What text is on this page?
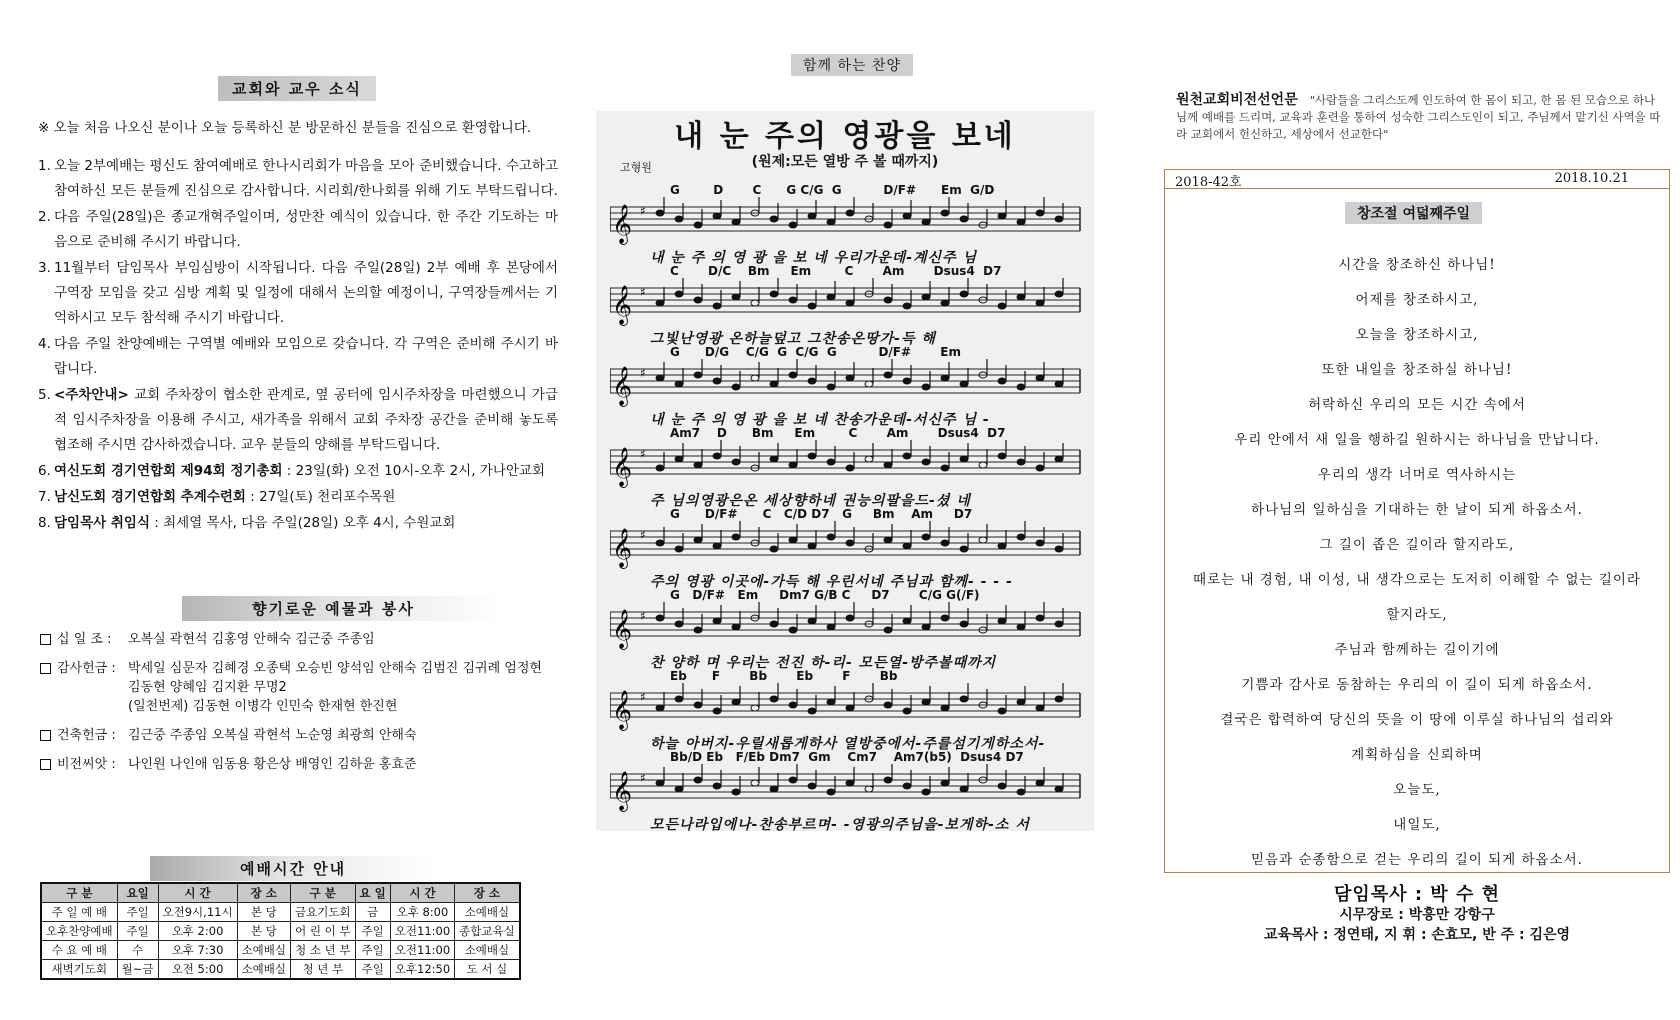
교회와 교우 소식
※ 오늘 처음 나오신 분이나 오늘 등록하신 분 방문하신 분들을 진심으로 환영합니다.
1. 오늘 2부예배는 평신도 참여예배로 한나시리회가 마음을 모아 준비했습니다. 수고하고 참여하신 모든 분들께 진심으로 감사합니다. 시리회/한나회를 위해 기도 부탁드립니다.
2. 다음 주일(28일)은 종교개혁주일이며, 성만찬 예식이 있습니다. 한 주간 기도하는 마음으로 준비해 주시기 바랍니다.
3. 11월부터 담임목사 부임심방이 시작됩니다. 다음 주일(28일) 2부 예배 후 본당에서 구역장 모임을 갖고 심방 계획 및 일정에 대해서 논의할 예정이니, 구역장들께서는 기억하시고 모두 참석해 주시기 바랍니다.
4. 다음 주일 찬양예배는 구역별 예배와 모임으로 갖습니다. 각 구역은 준비해 주시기 바랍니다.
5. <주차안내> 교회 주차장이 협소한 관계로, 옆 공터에 임시주차장을 마련했으니 가급적 임시주차장을 이용해 주시고, 새가족을 위해서 교회 주차장 공간을 준비해 놓도록 협조해 주시면 감사하겠습니다. 교우 분들의 양해를 부탁드립니다.
6. 여신도회 경기연합회 제94회 정기총회 : 23일(화) 오전 10시-오후 2시, 가나안교회
7. 남신도회 경기연합회 추계수련회 : 27일(토) 천리포수목원
8. 담임목사 취임식 : 최세열 목사, 다음 주일(28일) 오후 4시, 수원교회
향기로운 예물과 봉사
십 일 조 :	오복실 곽현석 김홍영 안해숙 김근중 주종임
감사헌금 : 박세일 심문자 김혜경 오종택 오승빈 양석임 안해숙 김범진 김귀례 엄정현
김동현 양혜임 김지환 무명2
(일천번제) 김동현 이병각 인민숙 한재현 한진현
건축헌금 : 김근중 주종임 오복실 곽현석 노순영 최광희 안해숙
비전씨앗 : 나인원 나인애 임동용 황은상 배영인 김하윤 홍효준
예배시간 안내
구 분	요일	시 간	장 소	구 분	요 일	시 간	장 소
주 일 예 배	주일	오전9시,11시	본 당	금요기도회	금	오후 8:00	소예배실
오후찬양예배	주일	오후 2:00	본 당	어 린 이 부	주일	오전11:00	종합교육실
수 요 예 배	수	오후 7:30	소예배실	청 소 년 부	주일	오전11:00	소예배실
새벽기도회	월~금	오전 5:00	소예배실	청 년 부	주일	오후12:50	도 서 실
함께 하는 찬양
내 눈 주의 영광을 보네
(원제:모든 열방 주 볼 때까지)
고형원
𝄞 ♯
G        D       C      G C/G  G          D/F#      Em  G/D
내 눈 주 의 영 광 을 보 네 우리가운데-계신주 님
𝄞 ♯
C       D/C    Bm     Em        C       Am       Dsus4  D7
그빛난영광 온하늘덮고 그찬송온땅가-득 해
𝄞 ♯
G      D/G    C/G  G  C/G  G          D/F#       Em
내 눈 주 의 영 광 을 보 네 찬송가운데-서신주 님 -
𝄞 ♯
Am7    D      Bm     Em        C       Am       Dsus4  D7
주 님의영광은온 세상향하네 권능의팔을드-셨 네
𝄞 ♯
G      D/F#      C   C/D D7   G     Bm    Am     D7
주의 영광 이곳에-가득 해 우린서네 주님과 함께- - - -
𝄞 ♯
G   D/F#   Em     Dm7 G/B C     D7       C/G G(/F)
찬 양하 며 우리는 전진 하-리- 모든열-방주볼때까지
𝄞 ♯
Eb      F       Bb       Eb       F       Bb
하늘 아버지-우릴새롭게하사 열방중에서-주를섬기게하소서-
𝄞 ♯
Bb/D Eb   F/Eb Dm7  Gm    Cm7    Am7(b5)  Dsus4 D7
모든나라입에나-찬송부르며- -영광의주님을-보게하-소 서
원천교회비전선언문 "사람들을 그리스도께 인도하여 한 몸이 되고, 한 몸 된 모습으로 하나님께 예배를 드리며, 교육과 훈련을 통하여 성숙한 그리스도인이 되고, 주님께서 맡기신 사역을 따라 교회에서 헌신하고, 세상에서 선교한다"
2018-42호	2018.10.21
창조절 여덟째주일
시간을 창조하신 하나님!
어제를 창조하시고,
오늘을 창조하시고,
또한 내일을 창조하실 하나님!
허락하신 우리의 모든 시간 속에서
우리 안에서 새 일을 행하길 원하시는 하나님을 만납니다.
우리의 생각 너머로 역사하시는
하나님의 일하심을 기대하는 한 날이 되게 하옵소서.
그 길이 좁은 길이라 할지라도,
때로는 내 경험, 내 이성, 내 생각으로는 도저히 이해할 수 없는 길이라
할지라도,
주님과 함께하는 길이기에
기쁨과 감사로 동참하는 우리의 이 길이 되게 하옵소서.
결국은 합력하여 당신의 뜻을 이 땅에 이루실 하나님의 섭리와
계획하심을 신뢰하며
오늘도,
내일도,
믿음과 순종함으로 걷는 우리의 길이 되게 하옵소서.
담임목사 : 박 수 현
시무장로 : 박흥만 강항구
교육목사 : 정연태, 지 휘 : 손효모, 반 주 : 김은영
